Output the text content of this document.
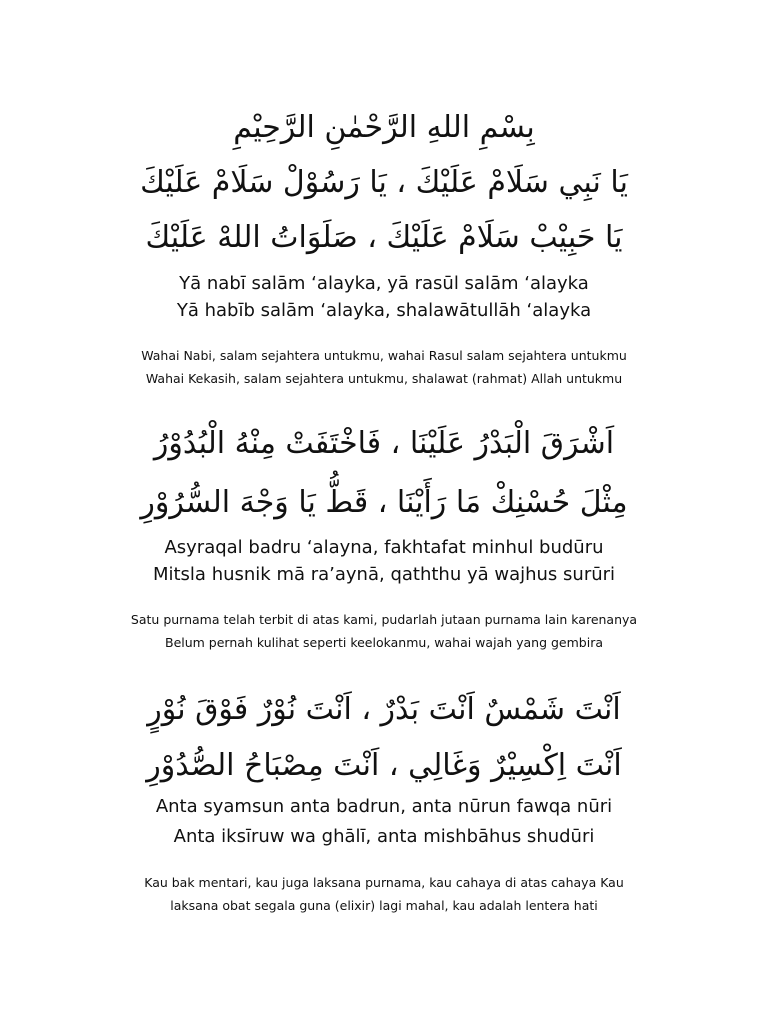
بِسْمِ اللهِ الرَّحْمٰنِ الرَّحِيْمِ
يَا نَبِي سَلَامْ عَلَيْكَ ، يَا رَسُوْلْ سَلَامْ عَلَيْكَ
يَا حَبِيْبْ سَلَامْ عَلَيْكَ ، صَلَوَاتُ اللهْ عَلَيْكَ
Yā nabī salām ‘alayka, yā rasūl salām ‘alayka
Yā habīb salām ‘alayka, shalawātullāh ‘alayka
Wahai Nabi, salam sejahtera untukmu, wahai Rasul salam sejahtera untukmu
Wahai Kekasih, salam sejahtera untukmu, shalawat (rahmat) Allah untukmu
اَشْرَقَ الْبَدْرُ عَلَيْنَا ، فَاخْتَفَتْ مِنْهُ الْبُدُوْرُ
مِثْلَ حُسْنِكْ مَا رَأَيْنَا ، قَطُّ يَا وَجْهَ السُّرُوْرِ
Asyraqal badru ‘alayna, fakhtafat minhul budūru
Mitsla husnik mā ra’aynā, qaththu yā wajhus surūri
Satu purnama telah terbit di atas kami, pudarlah jutaan purnama lain karenanya
Belum pernah kulihat seperti keelokanmu, wahai wajah yang gembira
اَنْتَ شَمْسٌ اَنْتَ بَدْرٌ ، اَنْتَ نُوْرٌ فَوْقَ نُوْرٍ
اَنْتَ اِكْسِيْرٌ وَغَالِي ، اَنْتَ مِصْبَاحُ الصُّدُوْرِ
Anta syamsun anta badrun, anta nūrun fawqa nūri
Anta iksīruw wa ghālī, anta mishbāhus shudūri
Kau bak mentari, kau juga laksana purnama, kau cahaya di atas cahaya Kau
laksana obat segala guna (elixir) lagi mahal, kau adalah lentera hati
